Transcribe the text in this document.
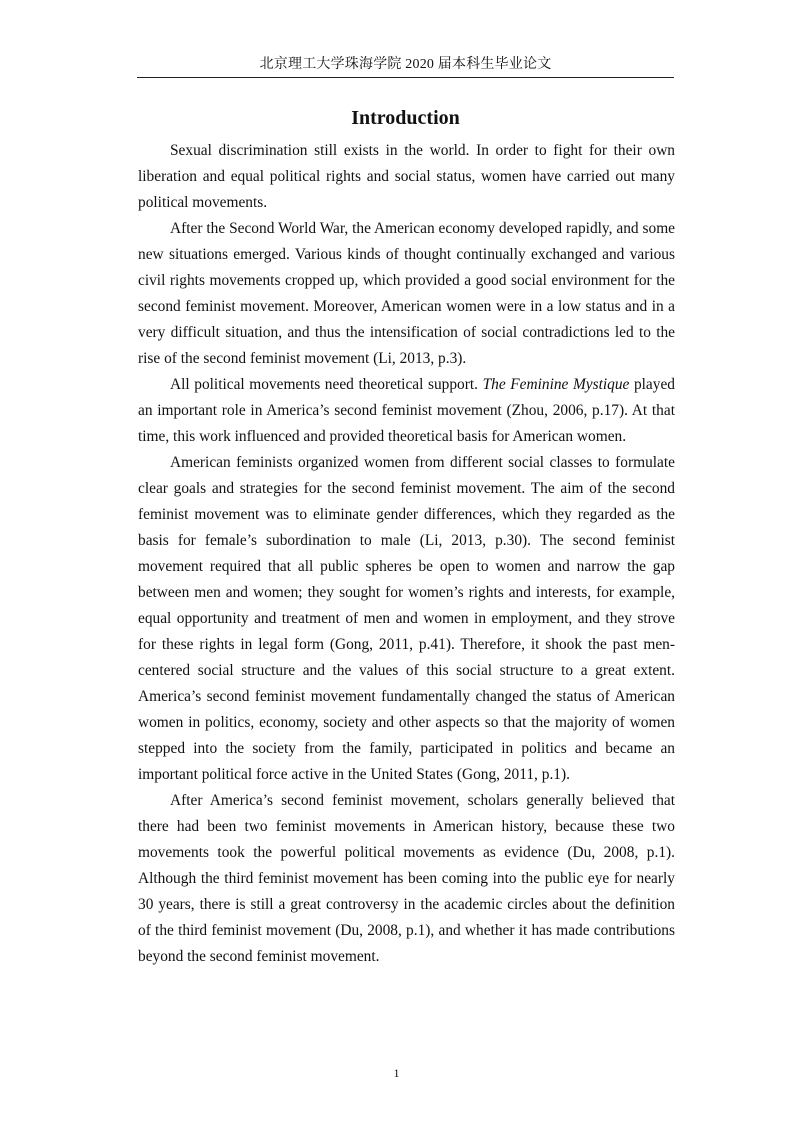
北京理工大学珠海学院 2020 届本科生毕业论文
Introduction

Sexual discrimination still exists in the world. In order to fight for their own liberation and equal political rights and social status, women have carried out many political movements.

After the Second World War, the American economy developed rapidly, and some new situations emerged. Various kinds of thought continually exchanged and various civil rights movements cropped up, which provided a good social environment for the second feminist movement. Moreover, American women were in a low status and in a very difficult situation, and thus the intensification of social contradictions led to the rise of the second feminist movement (Li, 2013, p.3).

All political movements need theoretical support. The Feminine Mystique played an important role in America’s second feminist movement (Zhou, 2006, p.17). At that time, this work influenced and provided theoretical basis for American women.

American feminists organized women from different social classes to formulate clear goals and strategies for the second feminist movement. The aim of the second feminist movement was to eliminate gender differences, which they regarded as the basis for female’s subordination to male (Li, 2013, p.30). The second feminist movement required that all public spheres be open to women and narrow the gap between men and women; they sought for women’s rights and interests, for example, equal opportunity and treatment of men and women in employment, and they strove for these rights in legal form (Gong, 2011, p.41). Therefore, it shook the past men-centered social structure and the values of this social structure to a great extent. America’s second feminist movement fundamentally changed the status of American women in politics, economy, society and other aspects so that the majority of women stepped into the society from the family, participated in politics and became an important political force active in the United States (Gong, 2011, p.1).

After America’s second feminist movement, scholars generally believed that there had been two feminist movements in American history, because these two movements took the powerful political movements as evidence (Du, 2008, p.1). Although the third feminist movement has been coming into the public eye for nearly 30 years, there is still a great controversy in the academic circles about the definition of the third feminist movement (Du, 2008, p.1), and whether it has made contributions beyond the second feminist movement.

1
